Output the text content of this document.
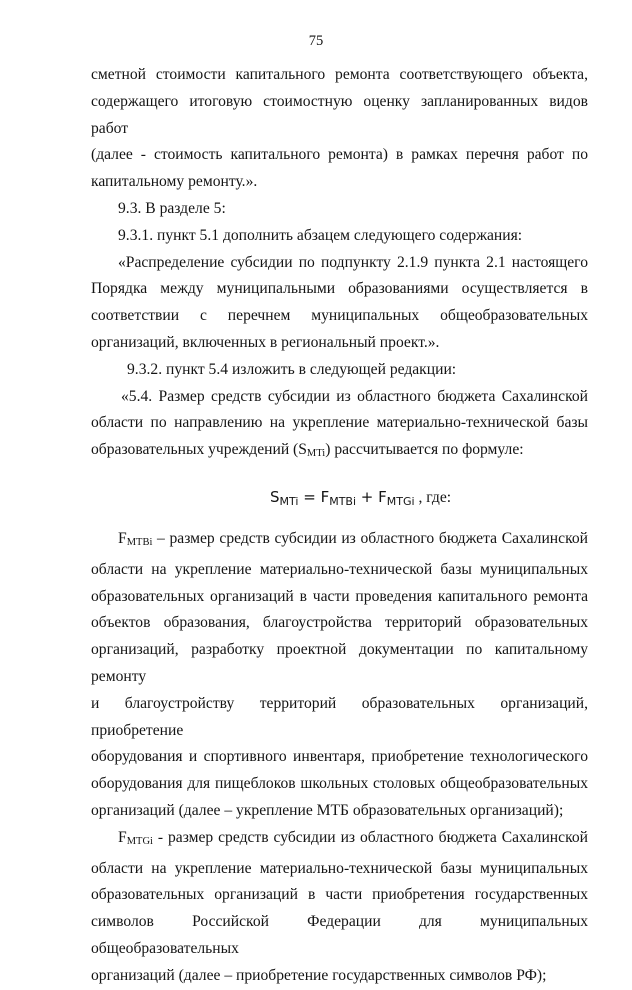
75

сметной стоимости капитального ремонта соответствующего объекта,
содержащего итоговую стоимостную оценку запланированных видов работ
(далее - стоимость капитального ремонта) в рамках перечня работ по
капитальному ремонту.».

9.3. В разделе 5:

9.3.1. пункт 5.1 дополнить абзацем следующего содержания:

«Распределение субсидии по подпункту 2.1.9 пункта 2.1 настоящего
Порядка между муниципальными образованиями осуществляется в
соответствии с перечнем муниципальных общеобразовательных
организаций, включенных в региональный проект.».

9.3.2. пункт 5.4 изложить в следующей редакции:

«5.4. Размер средств субсидии из областного бюджета Сахалинской
области по направлению на укрепление материально-технической базы
образовательных учреждений $(S_{MTi})$ рассчитывается по формуле:

$S_{MTi} = F_{MTBi} + F_{MTGi}$ , где:

$F_{MTBi}$ – размер средств субсидии из областного бюджета Сахалинской
области на укрепление материально-технической базы муниципальных
образовательных организаций в части проведения капитального ремонта
объектов образования, благоустройства территорий образовательных
организаций, разработку проектной документации по капитальному ремонту
и благоустройству территорий образовательных организаций, приобретение
оборудования и спортивного инвентаря, приобретение технологического
оборудования для пищеблоков школьных столовых общеобразовательных
организаций (далее – укрепление МТБ образовательных организаций);

$F_{MTGi}$ - размер средств субсидии из областного бюджета Сахалинской
области на укрепление материально-технической базы муниципальных
образовательных организаций в части приобретения государственных
символов Российской Федерации для муниципальных общеобразовательных
организаций (далее – приобретение государственных символов РФ);
